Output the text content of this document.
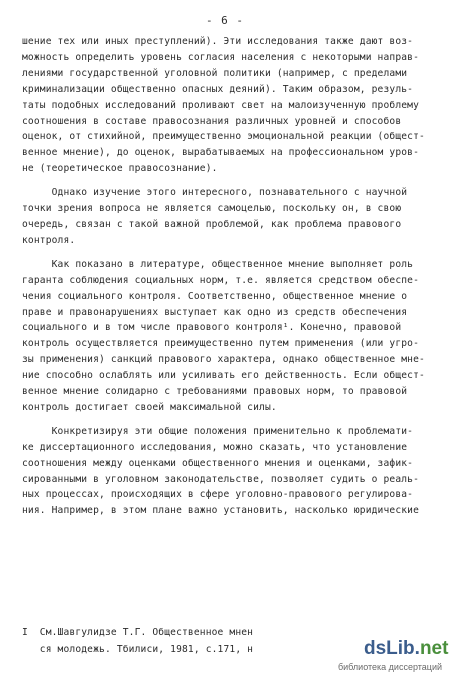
- 6 -
шение тех или иных преступлений). Эти исследования также дают воз-
можность определить уровень согласия населения с некоторыми направ-
лениями государственной уголовной политики (например, с пределами
криминализации общественно опасных деяний). Таким образом, резуль-
таты подобных исследований проливают свет на малоизученную проблему
соотношения в составе правосознания различных уровней и способов
оценок, от стихийной, преимущественно эмоциональной реакции (общест-
венное мнение), до оценок, вырабатываемых на профессиональном уров-
не (теоретическое правосознание).
Однако изучение этого интересного, познавательного с научной
точки зрения вопроса не является самоцелью, поскольку он, в свою
очередь, связан с такой важной проблемой, как проблема правового
контроля.
Как показано в литературе, общественное мнение выполняет роль
гаранта соблюдения социальных норм, т.е. является средством обеспе-
чения социального контроля. Соответственно, общественное мнение о
праве и правонарушениях выступает как одно из средств обеспечения
социального и в том числе правового контроля¹. Конечно, правовой
контроль осуществляется преимущественно путем применения (или угро-
зы применения) санкций правового характера, однако общественное мне-
ние способно ослаблять или усиливать его действенность. Если общест-
венное мнение солидарно с требованиями правовых норм, то правовой
контроль достигает своей максимальной силы.
Конкретизируя эти общие положения применительно к проблемати-
ке диссертационного исследования, можно сказать, что установление
соотношения между оценками общественного мнения и оценками, зафик-
сированными в уголовном законодательстве, позволяет судить о реаль-
ных процессах, происходящих в сфере уголовно-правового регулирова-
ния. Например, в этом плане важно установить, насколько юридические
I  См.Шавгулидзе Т.Г. Общественное мнен
ся молодежь. Тбилиси, 1981, с.171, н	dsLib.net
библиотека диссертаций
